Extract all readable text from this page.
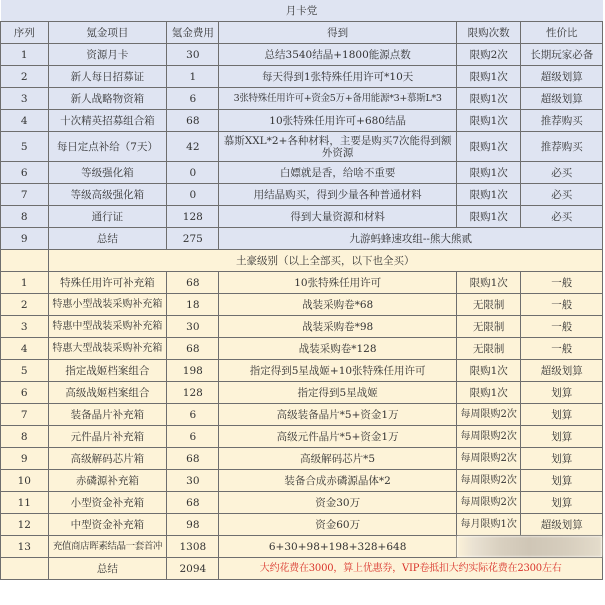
月卡党					
序列	氪金项目	氪金费用	得到	限购次数	性价比
1	资源月卡	30	总结3540结晶+1800能源点数	限购2次	长期玩家必备
2	新人每日招募证	1	每天得到1张特殊任用许可*10天	限购1次	超级划算
3	新人战略物资箱	6	3张特殊任用许可+资金5万+备用能源*3+慕斯L*3	限购1次	超级划算
4	十次精英招募组合箱	68	10张特殊任用许可+680结晶	限购1次	推荐购买
5	每日定点补给（7天）	42	慕斯XXL*2+各种材料，主要是购买7次能得到额外资源	限购1次	推荐购买
6	等级强化箱	0	白嫖就是香，给啥不重要	限购1次	必买
7	等级高级强化箱	0	用结晶购买，得到少量各种普通材料	限购1次	必买
8	通行证	128	得到大量资源和材料	限购1次	必买
9	总结	275	九游蚂蜂速攻组--熊大熊贰		
	土豪级别（以上全部买，以下也全买）				
1	特殊任用许可补充箱	68	10张特殊任用许可	限购1次	一般
2	特惠小型战装采购补充箱	18	战装采购卷*68	无限制	一般
3	特惠中型战装采购补充箱	30	战装采购卷*98	无限制	一般
4	特惠大型战装采购补充箱	68	战装采购卷*128	无限制	一般
5	指定战姬档案组合	198	指定得到5星战姬+10张特殊任用许可	限购1次	超级划算
6	高级战姬档案组合	128	指定得到5星战姬	限购1次	划算
7	装备晶片补充箱	6	高级装备晶片*5+资金1万	每周限购2次	划算
8	元件晶片补充箱	6	高级元件晶片*5+资金1万	每周限购2次	划算
9	高级解码芯片箱	68	高级解码芯片*5	每周限购2次	划算
10	赤磷源补充箱	30	装备合成赤磷源晶体*2	每周限购2次	划算
11	小型资金补充箱	68	资金30万	每周限购2次	划算
12	中型资金补充箱	98	资金60万	每月限购1次	超级划算
13	充值商店晖素结晶一套首冲	1308	6+30+98+198+328+648		
	总结	2094	大约花费在3000，算上优惠券，VIP卷抵扣大约实际花费在2300左右		
